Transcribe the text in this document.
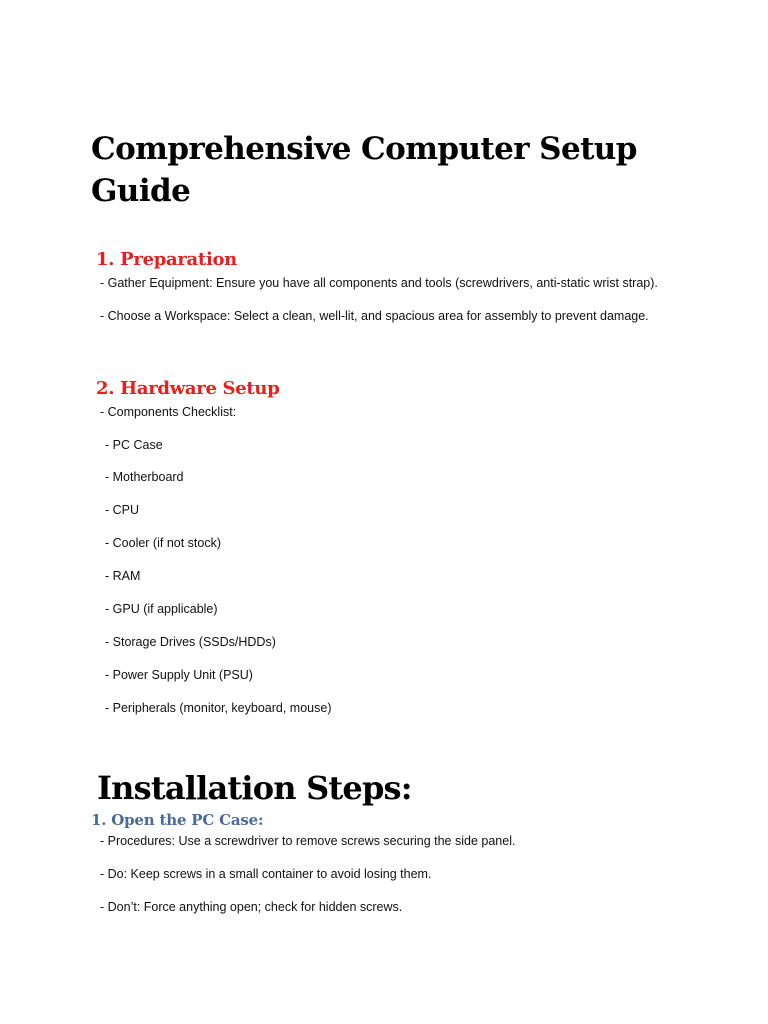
Comprehensive Computer Setup
Guide
1. Preparation

- Gather Equipment: Ensure you have all components and tools (screwdrivers, anti-static wrist strap).

- Choose a Workspace: Select a clean, well-lit, and spacious area for assembly to prevent damage.

2. Hardware Setup

- Components Checklist:

- PC Case

- Motherboard

- CPU

- Cooler (if not stock)

- RAM

- GPU (if applicable)

- Storage Drives (SSDs/HDDs)

- Power Supply Unit (PSU)

- Peripherals (monitor, keyboard, mouse)

Installation Steps:
1. Open the PC Case:

- Procedures: Use a screwdriver to remove screws securing the side panel.

- Do: Keep screws in a small container to avoid losing them.

- Don’t: Force anything open; check for hidden screws.
